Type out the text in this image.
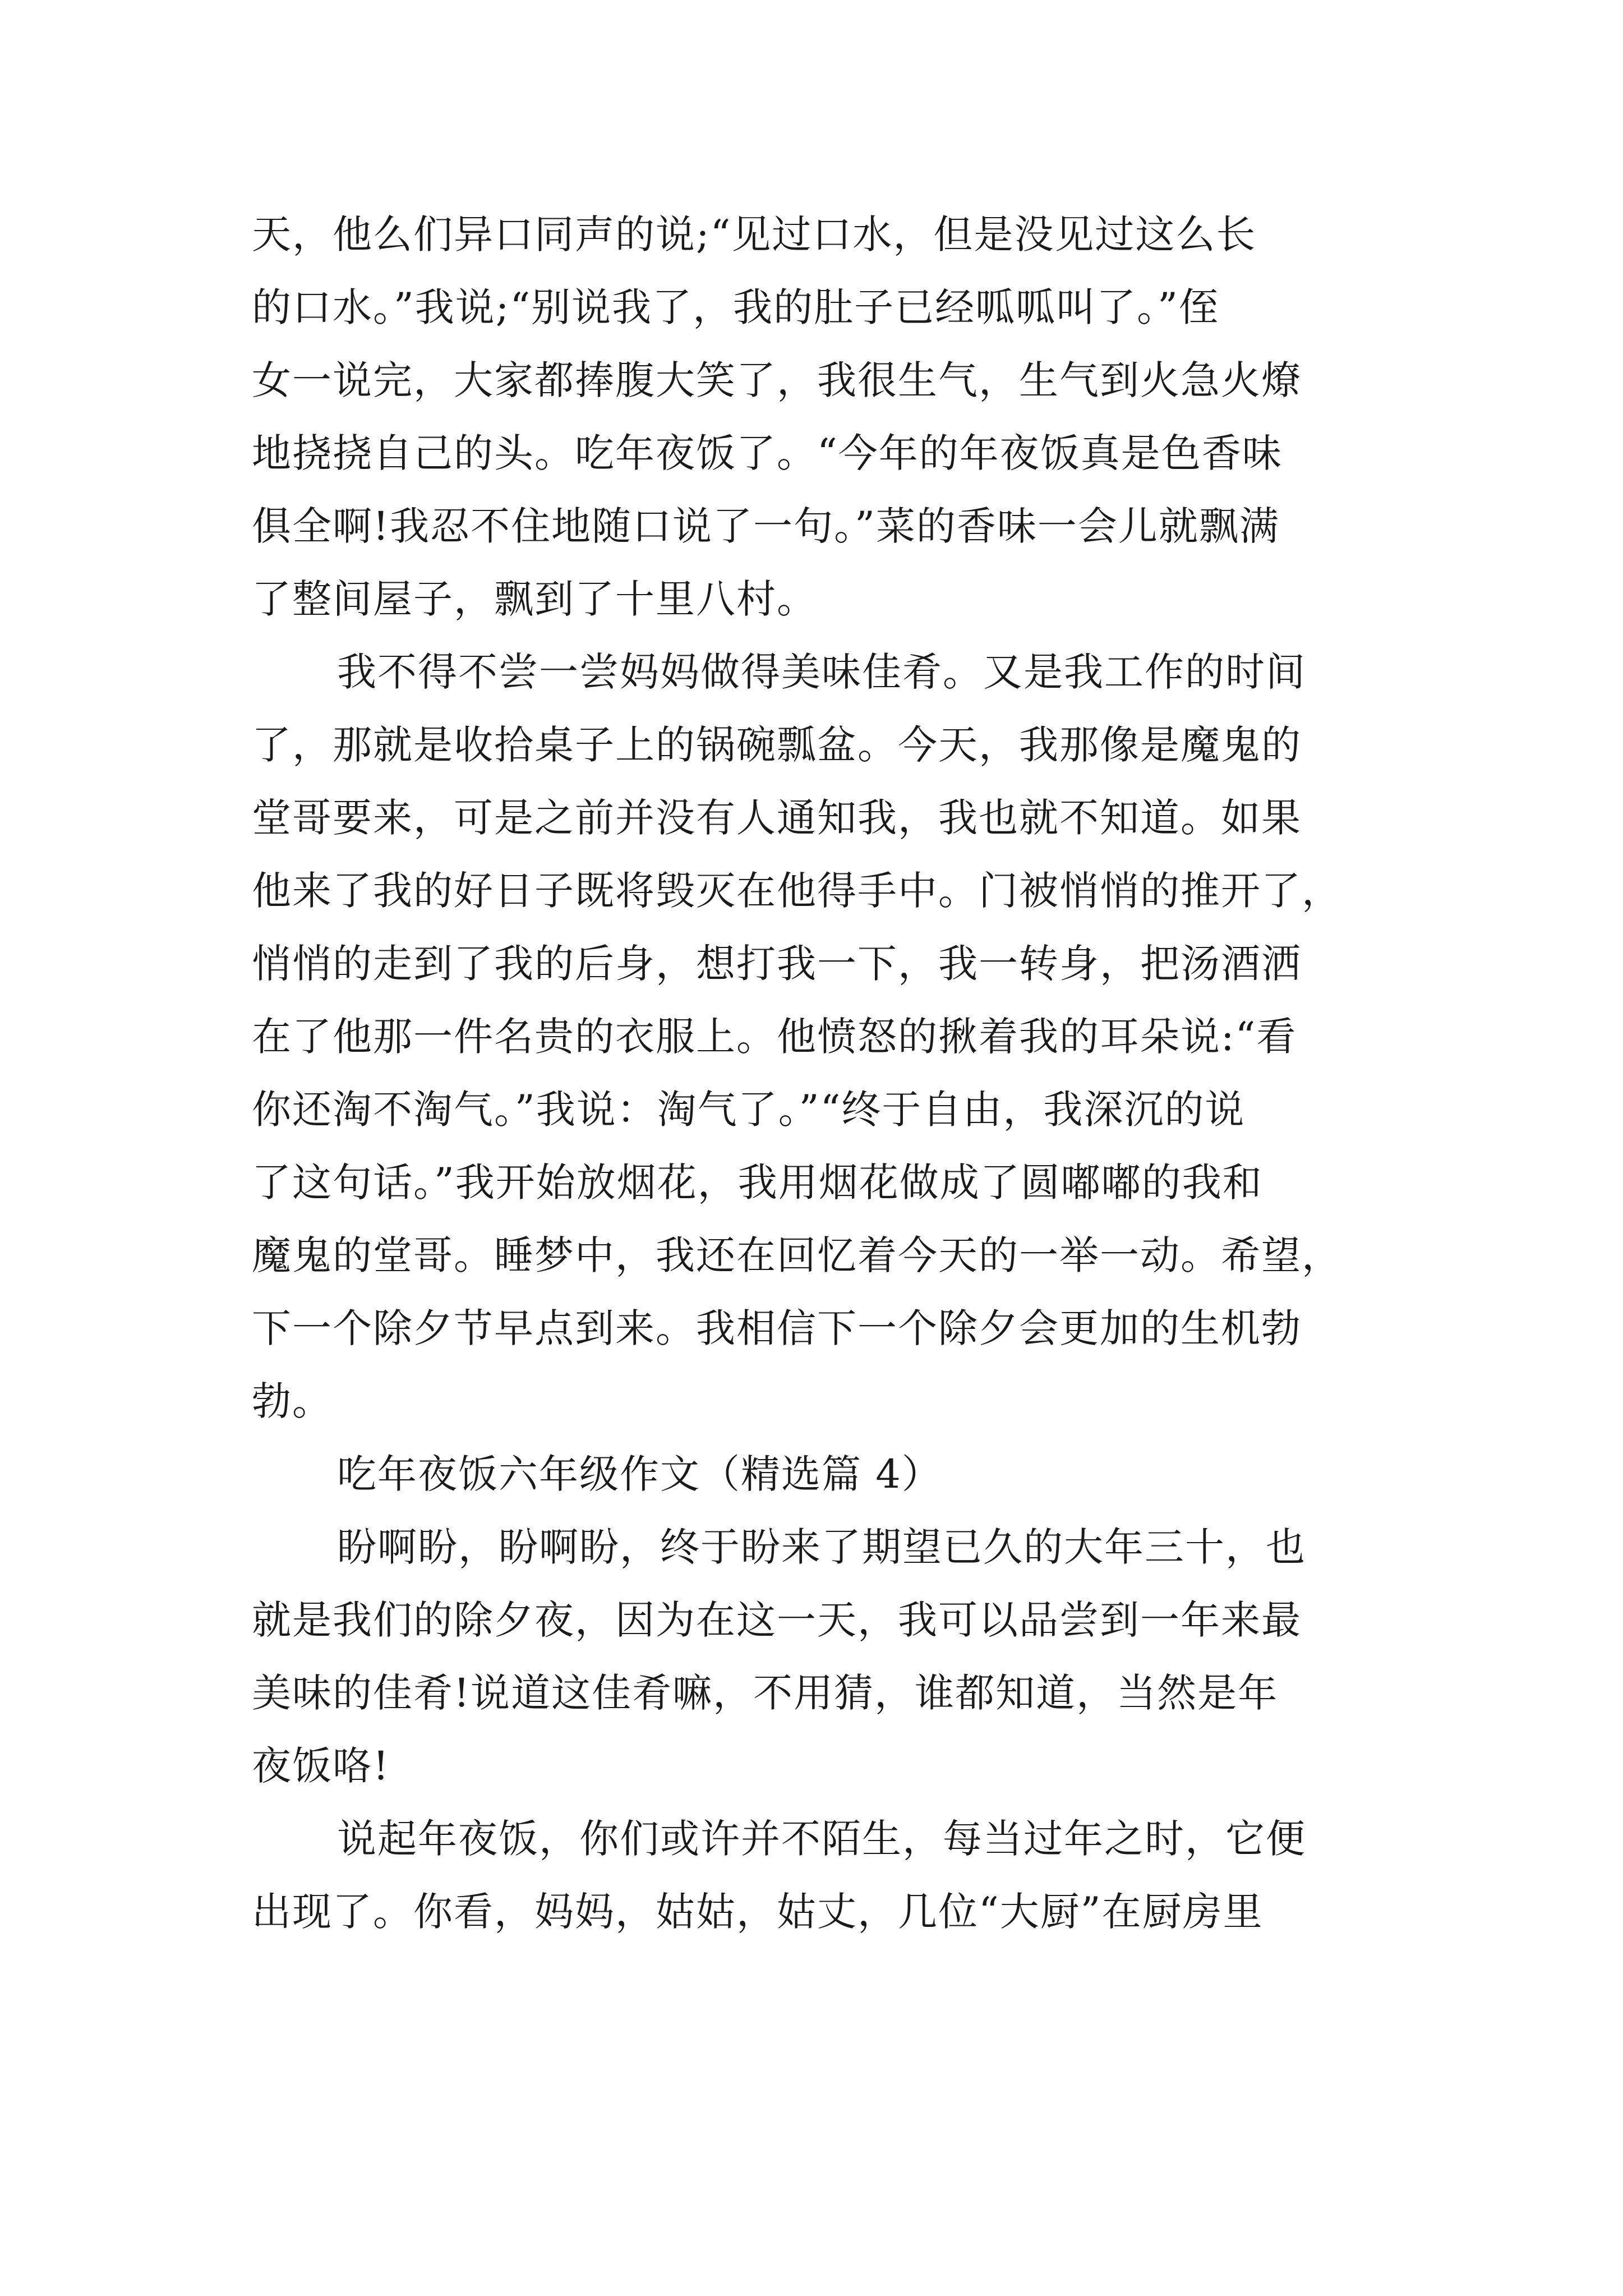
天，他么们异口同声的说;“见过口水，但是没见过这么长
的口水。”我说;“别说我了，我的肚子已经呱呱叫了。”侄
女一说完，大家都捧腹大笑了，我很生气，生气到火急火燎
地挠挠自己的头。吃年夜饭了。“今年的年夜饭真是色香味
俱全啊!我忍不住地随口说了一句。”菜的香味一会儿就飘满
了整间屋子，飘到了十里八村。
我不得不尝一尝妈妈做得美味佳肴。又是我工作的时间
了，那就是收拾桌子上的锅碗瓢盆。今天，我那像是魔鬼的
堂哥要来，可是之前并没有人通知我，我也就不知道。如果
他来了我的好日子既将毁灭在他得手中。门被悄悄的推开了，
悄悄的走到了我的后身，想打我一下，我一转身，把汤酒洒
在了他那一件名贵的衣服上。他愤怒的揪着我的耳朵说:“看
你还淘不淘气。”我说：淘气了。”“终于自由，我深沉的说
了这句话。”我开始放烟花，我用烟花做成了圆嘟嘟的我和
魔鬼的堂哥。睡梦中，我还在回忆着今天的一举一动。希望，
下一个除夕节早点到来。我相信下一个除夕会更加的生机勃
勃。
吃年夜饭六年级作文（精选篇 4）
盼啊盼，盼啊盼，终于盼来了期望已久的大年三十，也
就是我们的除夕夜，因为在这一天，我可以品尝到一年来最
美味的佳肴!说道这佳肴嘛，不用猜，谁都知道，当然是年
夜饭咯!
说起年夜饭，你们或许并不陌生，每当过年之时，它便
出现了。你看，妈妈，姑姑，姑丈，几位“大厨”在厨房里
